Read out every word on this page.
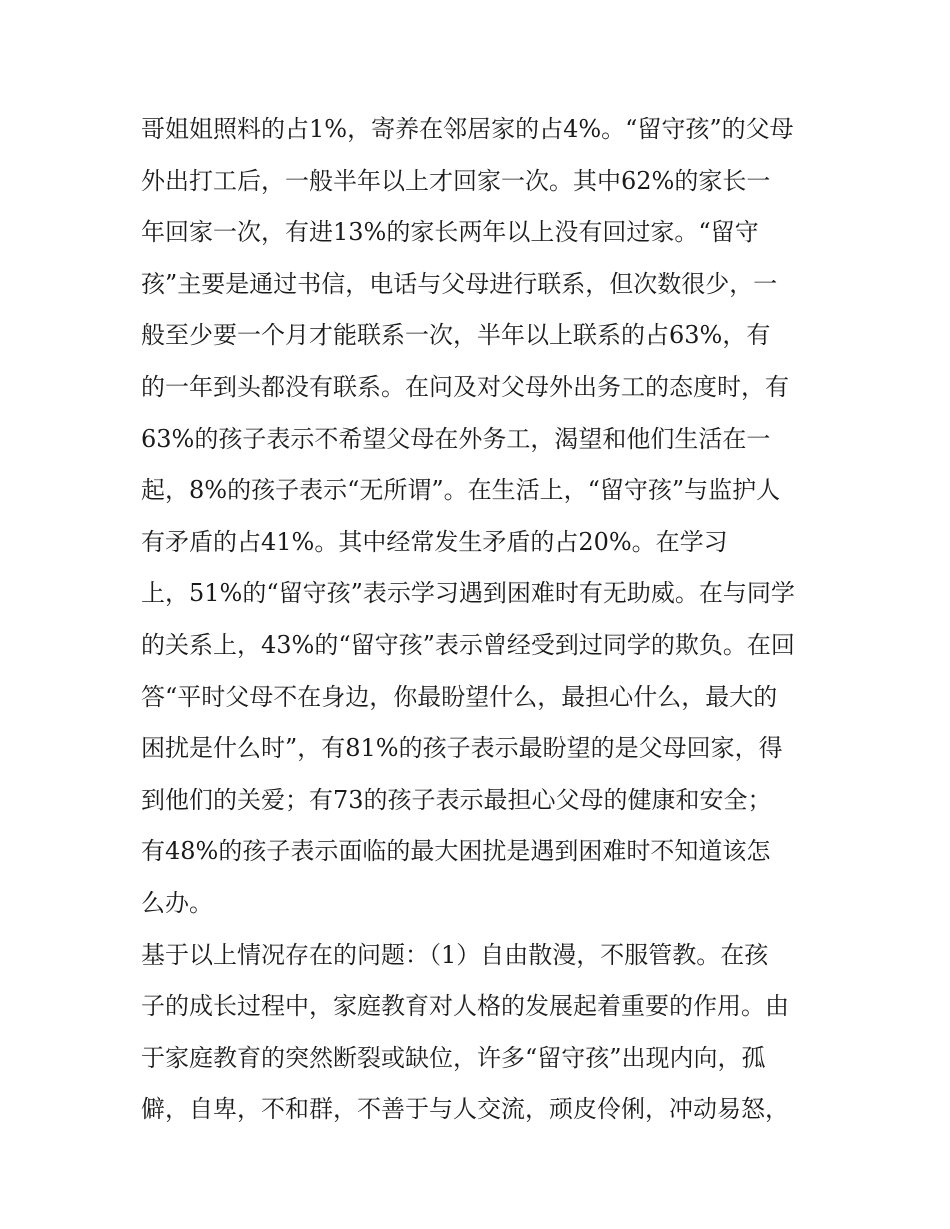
哥姐姐照料的占1%，寄养在邻居家的占4%。“留守孩”的父母
外出打工后，一般半年以上才回家一次。其中62%的家长一
年回家一次，有进13%的家长两年以上没有回过家。“留守
孩”主要是通过书信，电话与父母进行联系，但次数很少，一
般至少要一个月才能联系一次，半年以上联系的占63%，有
的一年到头都没有联系。在问及对父母外出务工的态度时，有
63%的孩子表示不希望父母在外务工，渴望和他们生活在一
起，8%的孩子表示“无所谓”。在生活上，“留守孩”与监护人
有矛盾的占41%。其中经常发生矛盾的占20%。在学习
上，51%的“留守孩”表示学习遇到困难时有无助威。在与同学
的关系上，43%的“留守孩”表示曾经受到过同学的欺负。在回
答“平时父母不在身边，你最盼望什么，最担心什么，最大的
困扰是什么时”，有81%的孩子表示最盼望的是父母回家，得
到他们的关爱；有73的孩子表示最担心父母的健康和安全；
有48%的孩子表示面临的最大困扰是遇到困难时不知道该怎
么办。
基于以上情况存在的问题：（1）自由散漫，不服管教。在孩
子的成长过程中，家庭教育对人格的发展起着重要的作用。由
于家庭教育的突然断裂或缺位，许多“留守孩”出现内向，孤
僻，自卑，不和群，不善于与人交流，顽皮伶俐，冲动易怒，
